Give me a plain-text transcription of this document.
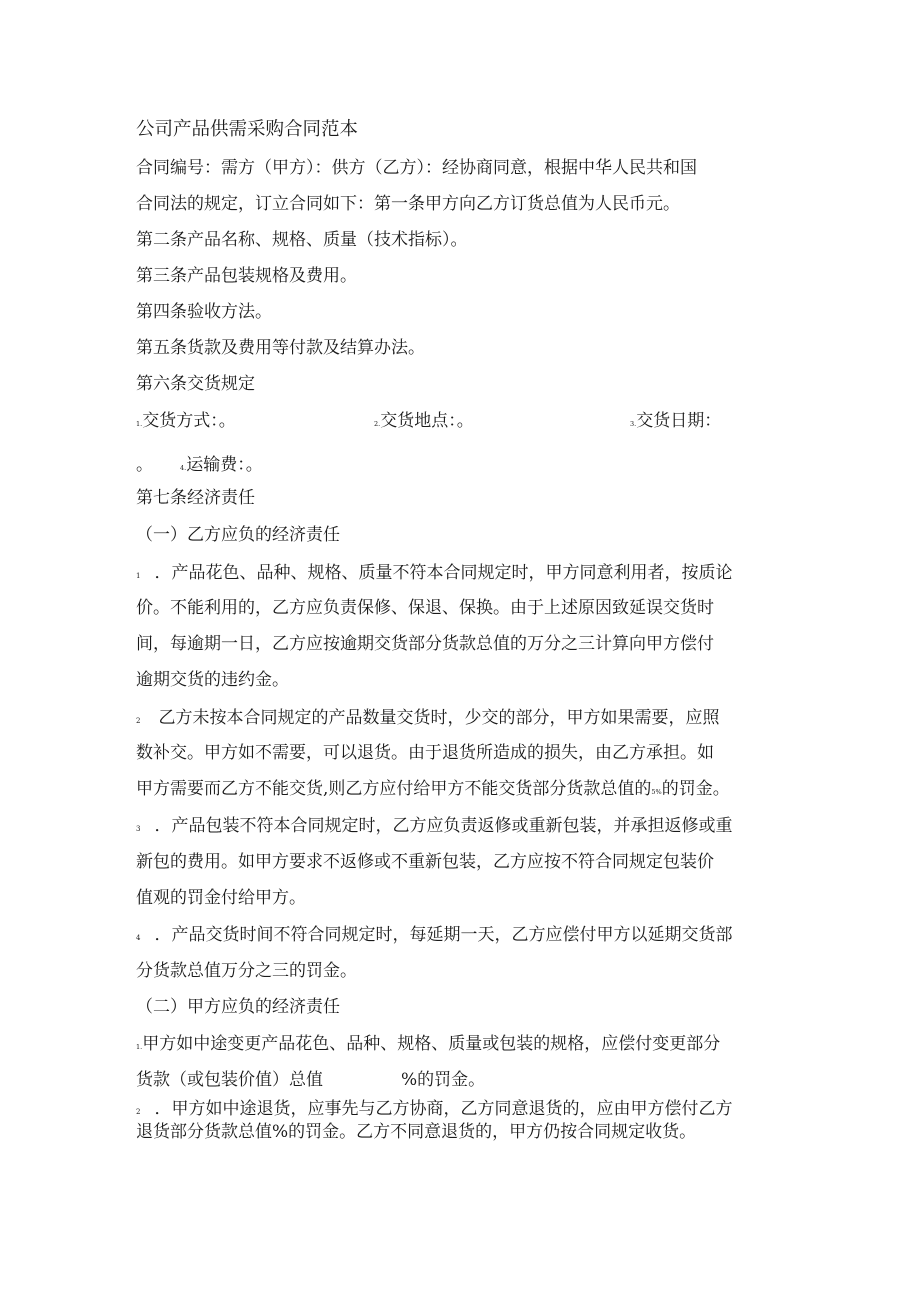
公司产品供需采购合同范本
合同编号：需方（甲方）：供方（乙方）：经协商同意，根据中华人民共和国
合同法的规定，订立合同如下：第一条甲方向乙方订货总值为人民币元。
第二条产品名称、规格、质量（技术指标）。
第三条产品包装规格及费用。
第四条验收方法。
第五条货款及费用等付款及结算办法。
第六条交货规定
1.交货方式：。	2.交货地点：。	3.交货日期：
。	4.运输费：。
第七条经济责任
（一）乙方应负的经济责任
1 ．产品花色、品种、规格、质量不符本合同规定时，甲方同意利用者，按质论
价。不能利用的，乙方应负责保修、保退、保换。由于上述原因致延误交货时
间，每逾期一日，乙方应按逾期交货部分货款总值的万分之三计算向甲方偿付
逾期交货的违约金。
2 乙方未按本合同规定的产品数量交货时，少交的部分，甲方如果需要，应照
数补交。甲方如不需要，可以退货。由于退货所造成的损失，由乙方承担。如
甲方需要而乙方不能交货,则乙方应付给甲方不能交货部分货款总值的5%的罚金。
3 ．产品包装不符本合同规定时，乙方应负责返修或重新包装，并承担返修或重
新包的费用。如甲方要求不返修或不重新包装，乙方应按不符合同规定包装价
值观的罚金付给甲方。
4 ．产品交货时间不符合同规定时，每延期一天，乙方应偿付甲方以延期交货部
分货款总值万分之三的罚金。
（二）甲方应负的经济责任
1.甲方如中途变更产品花色、品种、规格、质量或包装的规格，应偿付变更部分
货款（或包装价值）总值	%的罚金。
2 ．甲方如中途退货，应事先与乙方协商，乙方同意退货的，应由甲方偿付乙方
退货部分货款总值%的罚金。乙方不同意退货的，甲方仍按合同规定收货。
